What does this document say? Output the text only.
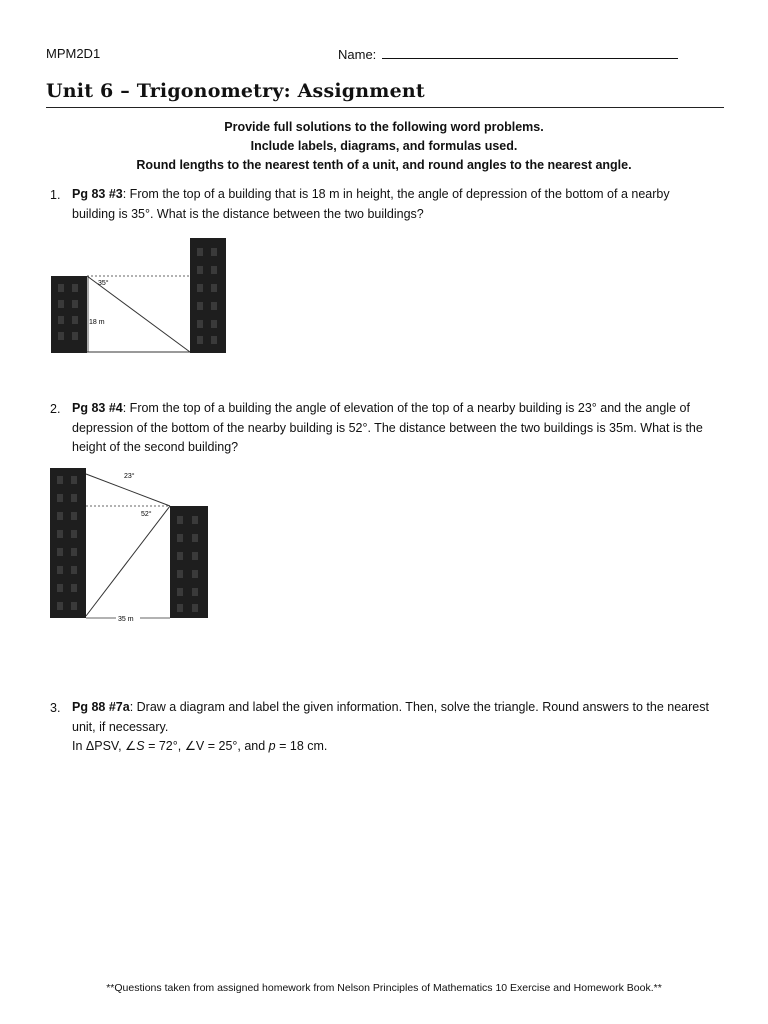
MPM2D1	Name:
Unit 6 – Trigonometry: Assignment
Provide full solutions to the following word problems.
Include labels, diagrams, and formulas used.
Round lengths to the nearest tenth of a unit, and round angles to the nearest angle.
1. Pg 83 #3: From the top of a building that is 18 m in height, the angle of depression of the bottom of a nearby
building is 35°. What is the distance between the two buildings?
35°
18 m
2. Pg 83 #4: From the top of a building the angle of elevation of the top of a nearby building is 23° and the angle of
depression of the bottom of the nearby building is 52°. The distance between the two buildings is 35m. What is the
height of the second building?
23°
52°
35 m
3. Pg 88 #7a: Draw a diagram and label the given information. Then, solve the triangle. Round answers to the nearest
unit, if necessary.
In ΔPSV, ∠S = 72°, ∠V = 25°, and p = 18 cm.
**Questions taken from assigned homework from Nelson Principles of Mathematics 10 Exercise and Homework Book.**
